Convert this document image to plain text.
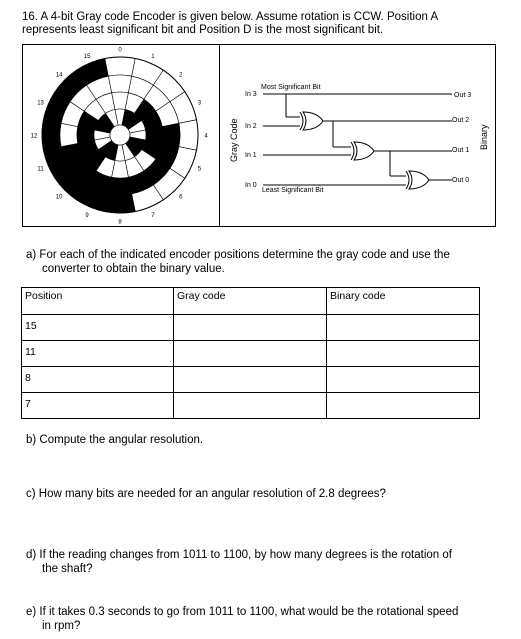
16. A 4-bit Gray code Encoder is given below. Assume rotation is CCW. Position A
represents least significant bit and Position D is the most significant bit.
0
1
2
3
4
5
6
7
8
9
10
11
12
13
14
15
Most Significant Bit
Least Significant Bit
Gray Code	Binary
In 3
In 2
In 1
In 0
Out 3
Out 2
Out 1
Out 0
a) For each of the indicated encoder positions determine the gray code and use the
converter to obtain the binary value.
Position	Gray code	Binary code
15		
11		
8		
7		
b) Compute the angular resolution.
c) How many bits are needed for an angular resolution of 2.8 degrees?
d) If the reading changes from 1011 to 1100, by how many degrees is the rotation of
the shaft?
e) If it takes 0.3 seconds to go from 1011 to 1100, what would be the rotational speed
in rpm?
